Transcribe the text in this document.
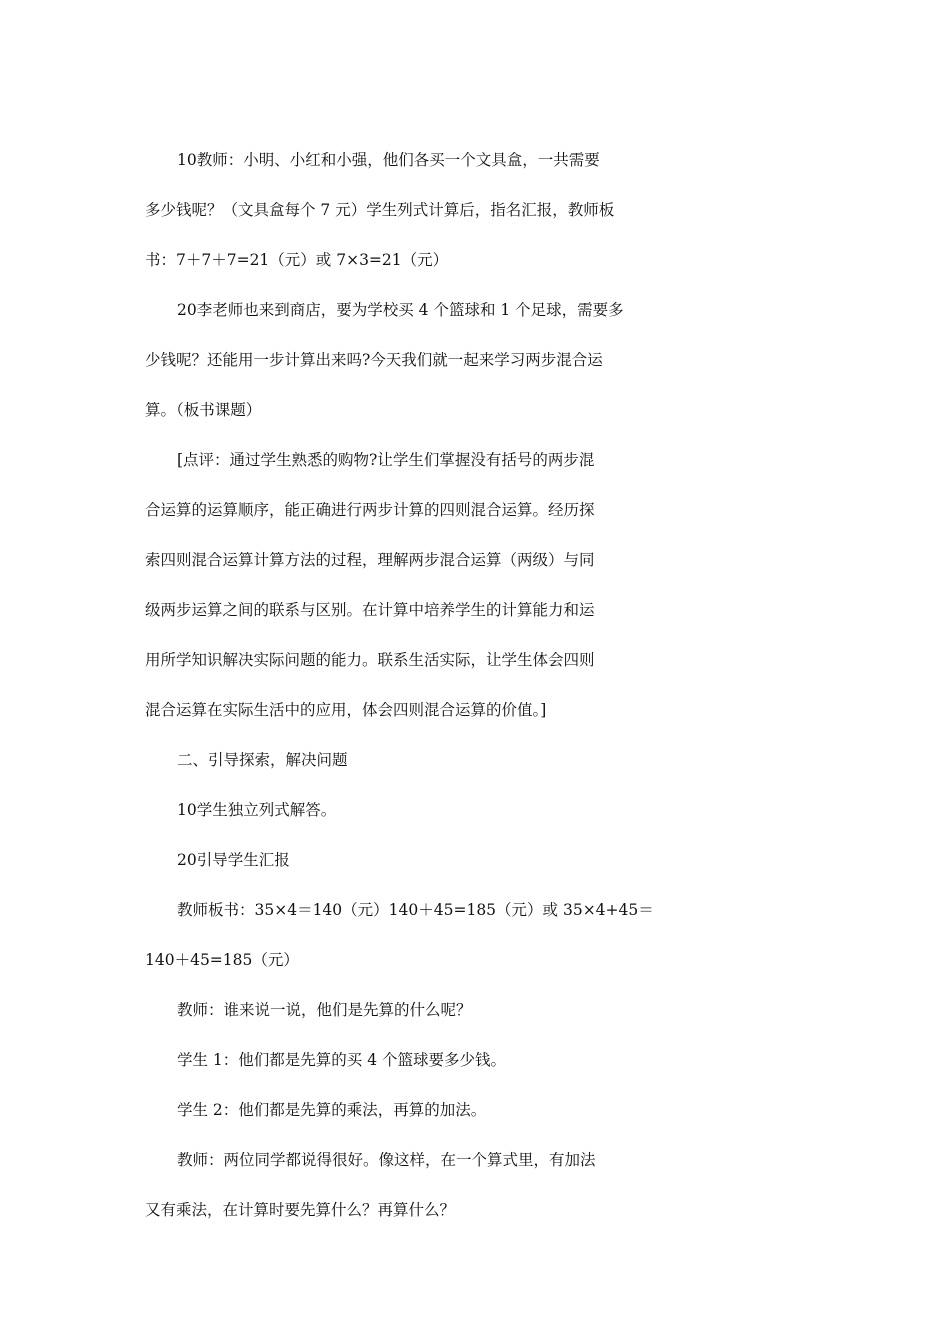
10教师：小明、小红和小强，他们各买一个文具盒，一共需要
多少钱呢？（文具盒每个 7 元）学生列式计算后，指名汇报，教师板
书：7＋7＋7=21（元）或 7×3=21（元）
20李老师也来到商店，要为学校买 4 个篮球和 1 个足球，需要多
少钱呢？还能用一步计算出来吗?今天我们就一起来学习两步混合运
算。（板书课题）
[点评：通过学生熟悉的购物?让学生们掌握没有括号的两步混
合运算的运算顺序，能正确进行两步计算的四则混合运算。经历探
索四则混合运算计算方法的过程，理解两步混合运算（两级）与同
级两步运算之间的联系与区别。在计算中培养学生的计算能力和运
用所学知识解决实际问题的能力。联系生活实际，让学生体会四则
混合运算在实际生活中的应用，体会四则混合运算的价值。]
二、引导探索，解决问题
10学生独立列式解答。
20引导学生汇报
教师板书：35×4＝140（元）140＋45=185（元）或 35×4+45＝
140＋45=185（元）
教师：谁来说一说，他们是先算的什么呢？
学生 1：他们都是先算的买 4 个篮球要多少钱。
学生 2：他们都是先算的乘法，再算的加法。
教师：两位同学都说得很好。像这样，在一个算式里，有加法
又有乘法，在计算时要先算什么？再算什么？
